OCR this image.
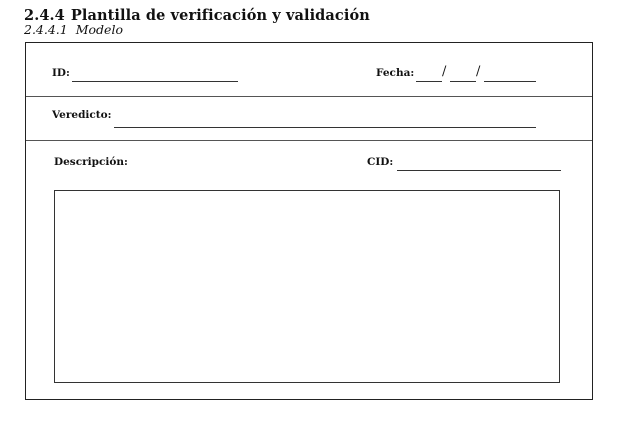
2.4.4 Plantilla de verificación y validación
2.4.4.1 Modelo
ID:	Fecha: / /
Veredicto:
Descripción:	CID:
